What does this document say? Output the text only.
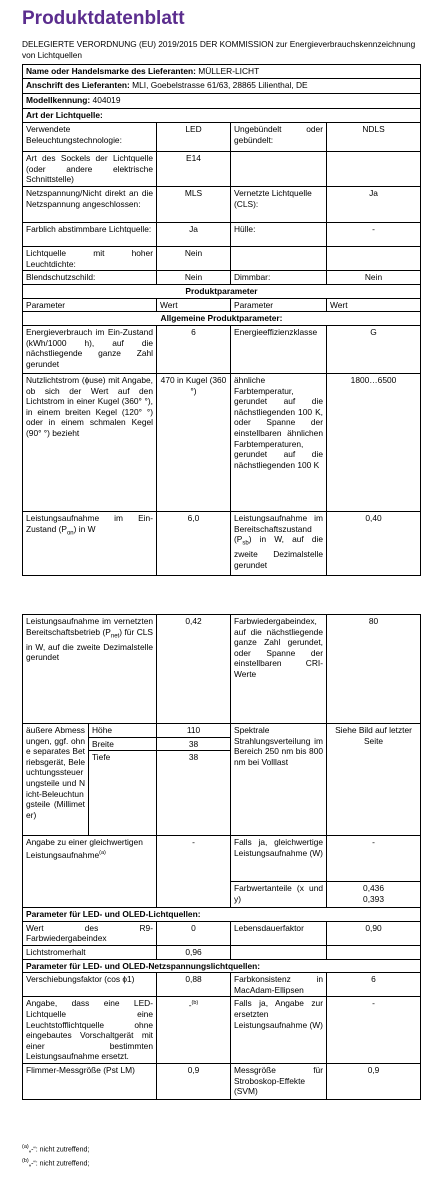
Produktdatenblatt
DELEGIERTE VERORDNUNG (EU) 2019/2015 DER KOMMISSION zur Energieverbrauchskennzeichnung von Lichtquellen
Name oder Handelsmarke des Lieferanten: MÜLLER-LICHT			
Anschrift des Lieferanten: MLI, Goebelstrasse 61/63, 28865 Lilienthal, DE			
Modellkennung: 404019			
Art der Lichtquelle:			
Verwendete Beleuchtungstechnologie:	LED	Ungebündelt oder gebündelt:	NDLS
Art des Sockels der Lichtquelle (oder andere elektrische Schnittstelle)	E14		
Netzspannung/Nicht direkt an die Netzspannung angeschlossen:	MLS	Vernetzte Lichtquelle (CLS):	Ja
Farblich abstimmbare Lichtquelle:	Ja	Hülle:	-
Lichtquelle mit hoher Leuchtdichte:	Nein		
Blendschutzschild:	Nein	Dimmbar:	Nein
Produktparameter			
Parameter	Wert	Parameter	Wert
Allgemeine Produktparameter:			
Energieverbrauch im Ein-Zustand (kWh/1000 h), auf die nächstliegende ganze Zahl gerundet	6	Energieeffizienzklasse	G
Nutzlichtstrom (ɸuse) mit Angabe, ob sich der Wert auf den Lichtstrom in einer Kugel (360° °), in einem breiten Kegel (120° °) oder in einem schmalen Kegel (90° °) bezieht	470 in Kugel (360 °)	ähnliche Farbtemperatur, gerundet auf die nächstliegenden 100 K, oder Spanne der einstellbaren ähnlichen Farbtemperaturen, gerundet auf die nächstliegenden 100 K	1800…6500
Leistungsaufnahme im Ein-Zustand $(P_{on})$ in W	6,0	Leistungsaufnahme im Bereitschaftszustand $(P_{sb})$ in W, auf die zweite Dezimalstelle gerundet	0,40
Leistungsaufnahme im vernetzten Bereitschaftsbetrieb $(P_{net})$ für CLS in W, auf die zweite Dezimalstelle gerundet		0,42	Farbwiedergabeindex, auf die nächstliegende ganze Zahl gerundet, oder Spanne der einstellbaren CRI-Werte	80
äußere Abmessungen, ggf. ohne separates Betriebsgerät, Beleuchtungssteuerungsteile und Nicht-Beleuchtungsteile (Millimeter)	Höhe	110	Spektrale Strahlungsverteilung im Bereich 250 nm bis 800 nm bei Volllast	Siehe Bild auf letzter Seite
	Breite	38		
	Tiefe	38		
Angabe zu einer gleichwertigen Leistungsaufnahme$^{(a)}$		-	Falls ja, gleichwertige Leistungsaufnahme (W)	-
			Farbwertanteile (x und y)	0,436
0,393

Parameter für LED- und OLED-Lichtquellen:				
Wert des R9-Farbwiedergabeindex		0	Lebensdauerfaktor	0,90
Lichtstromerhalt		0,96		
Parameter für LED- und OLED-Netzspannungslichtquellen:				
Verschiebungsfaktor (cos ɸ1)		0,88	Farbkonsistenz in MacAdam-Ellipsen	6
Angabe, dass eine LED-Lichtquelle eine Leuchtstofflichtquelle ohne eingebautes Vorschaltgerät mit einer bestimmten Leistungsaufnahme ersetzt.		-$^{(b)}$	Falls ja, Angabe zur ersetzten Leistungsaufnahme (W)	-
Flimmer-Messgröße (Pst LM)		0,9	Messgröße für Stroboskop-Effekte (SVM)	0,9
$^{(a)}$„-“: nicht zutreffend;
$^{(b)}$„-“: nicht zutreffend;
